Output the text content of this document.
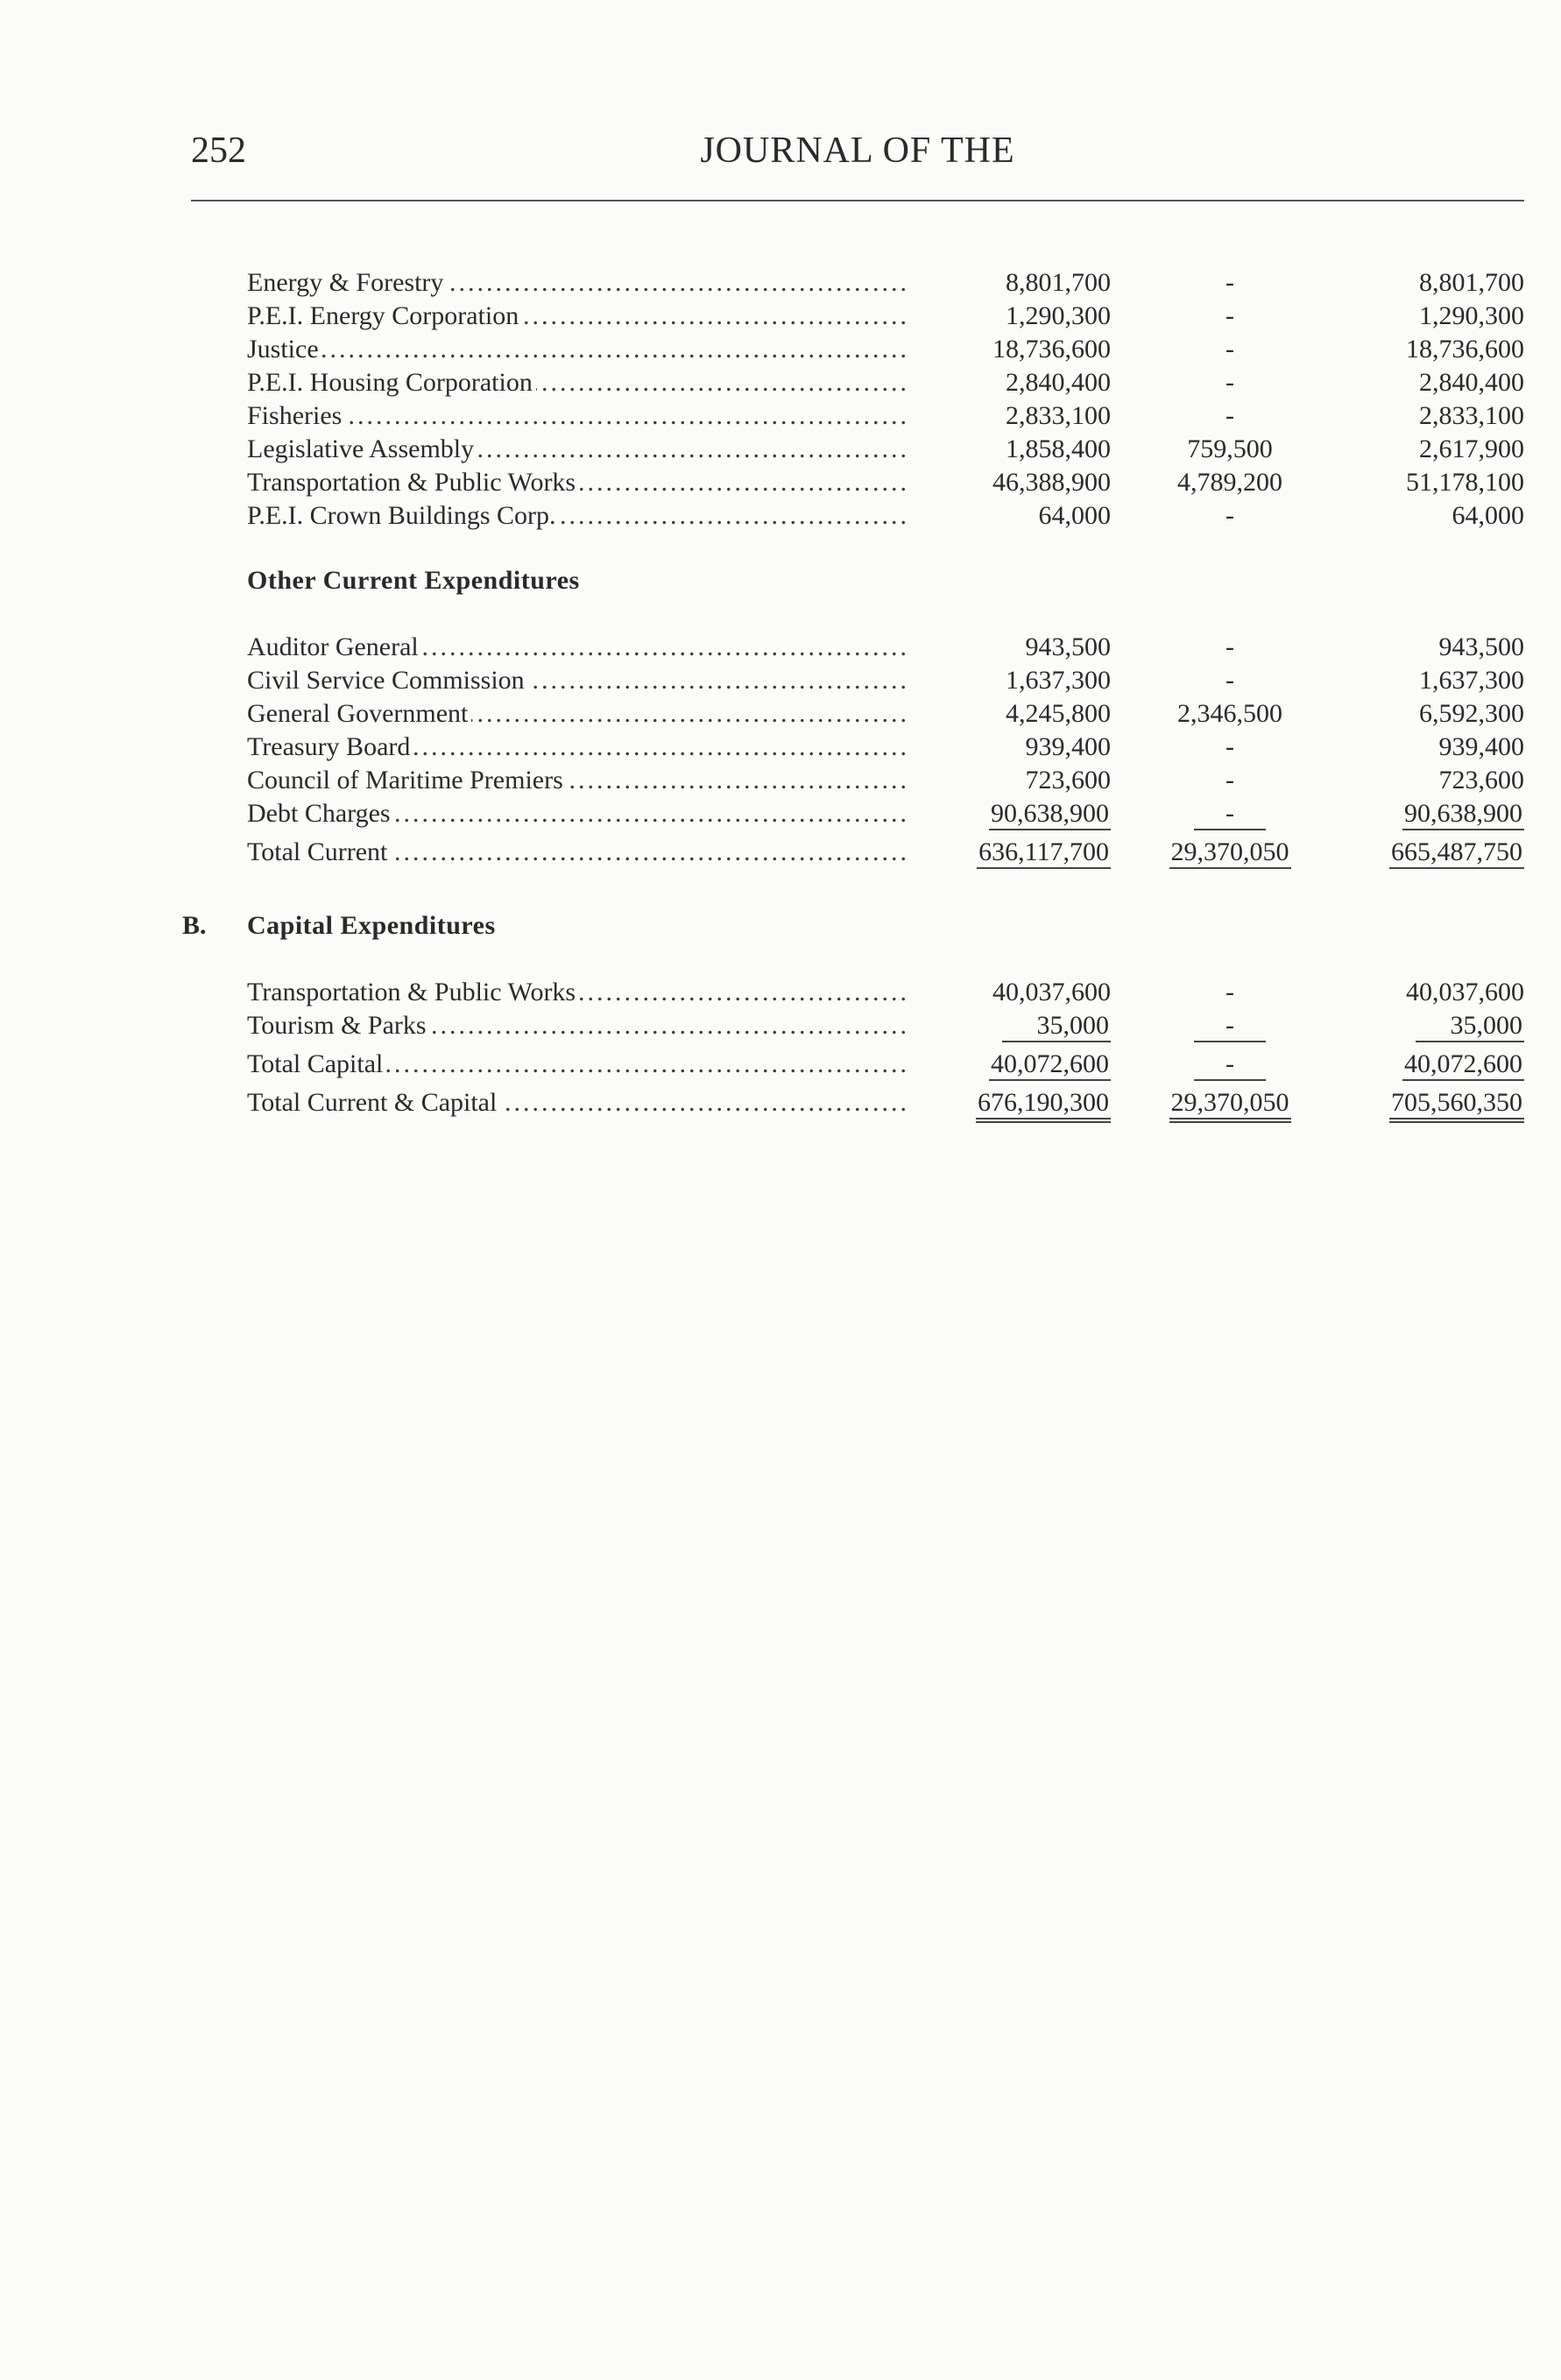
252	JOURNAL OF THE
Energy & Forestry .....	8,801,700	-	8,801,700
P.E.I. Energy Corporation .....	1,290,300	-	1,290,300
Justice .....	18,736,600	-	18,736,600
P.E.I. Housing Corporation .....	2,840,400	-	2,840,400
Fisheries .....	2,833,100	-	2,833,100
Legislative Assembly .....	1,858,400	759,500	2,617,900
Transportation & Public Works .....	46,388,900	4,789,200	51,178,100
P.E.I. Crown Buildings Corp. .....	64,000	-	64,000
Other Current Expenditures
Auditor General .....	943,500	-	943,500
Civil Service Commission .....	1,637,300	-	1,637,300
General Government .....	4,245,800	2,346,500	6,592,300
Treasury Board .....	939,400	-	939,400
Council of Maritime Premiers .....	723,600	-	723,600
Debt Charges .....	90,638,900	-	90,638,900
Total Current .....	636,117,700	29,370,050	665,487,750
B. Capital Expenditures
Transportation & Public Works .....	40,037,600	-	40,037,600
Tourism & Parks .....	35,000	-	35,000
Total Capital .....	40,072,600	-	40,072,600
Total Current & Capital .....	676,190,300	29,370,050	705,560,350
